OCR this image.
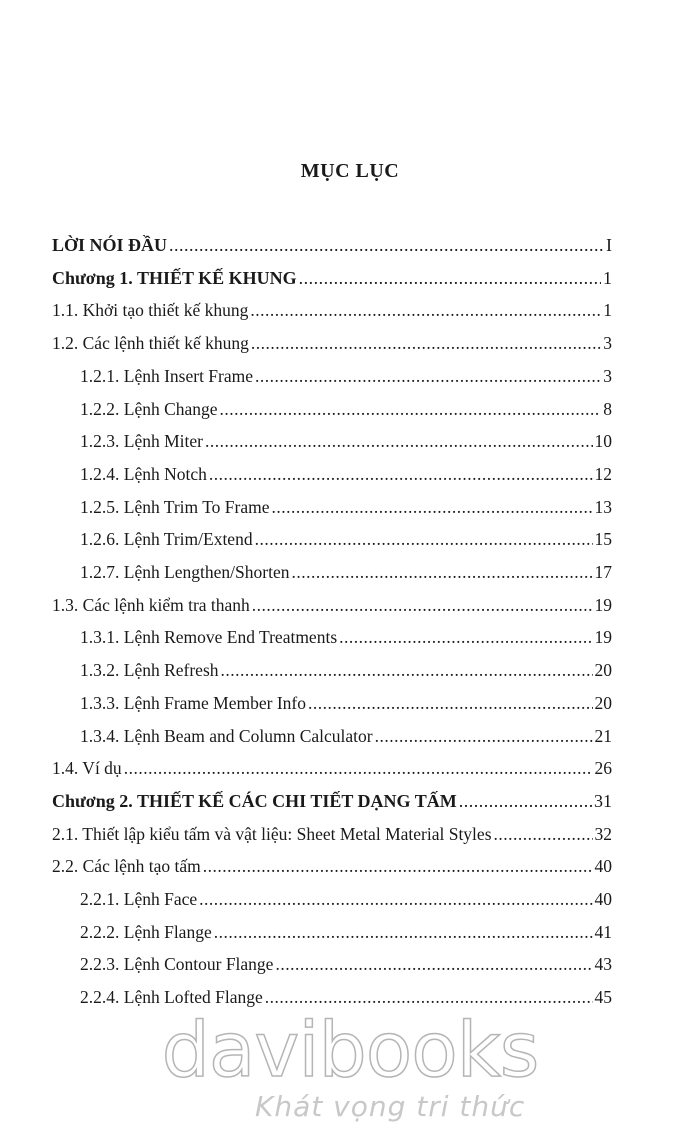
MỤC LỤC
LỜI NÓI ĐẦU .....	I
Chương 1. THIẾT KẾ KHUNG .....	1
1.1. Khởi tạo thiết kế khung .....	1
1.2. Các lệnh thiết kế khung .....	3
1.2.1. Lệnh Insert Frame .....	3
1.2.2. Lệnh Change .....	8
1.2.3. Lệnh Miter .....	10
1.2.4. Lệnh Notch .....	12
1.2.5. Lệnh Trim To Frame .....	13
1.2.6. Lệnh Trim/Extend .....	15
1.2.7. Lệnh Lengthen/Shorten .....	17
1.3. Các lệnh kiểm tra thanh .....	19
1.3.1. Lệnh Remove End Treatments .....	19
1.3.2. Lệnh Refresh .....	20
1.3.3. Lệnh Frame Member Info .....	20
1.3.4. Lệnh Beam and Column Calculator .....	21
1.4. Ví dụ .....	26
Chương 2. THIẾT KẾ CÁC CHI TIẾT DẠNG TẤM .....	31
2.1. Thiết lập kiểu tấm và vật liệu: Sheet Metal Material Styles .....	32
2.2. Các lệnh tạo tấm .....	40
2.2.1. Lệnh Face .....	40
2.2.2. Lệnh Flange .....	41
2.2.3. Lệnh Contour Flange .....	43
2.2.4. Lệnh Lofted Flange .....	45
davibooks
Khát vọng tri thức
